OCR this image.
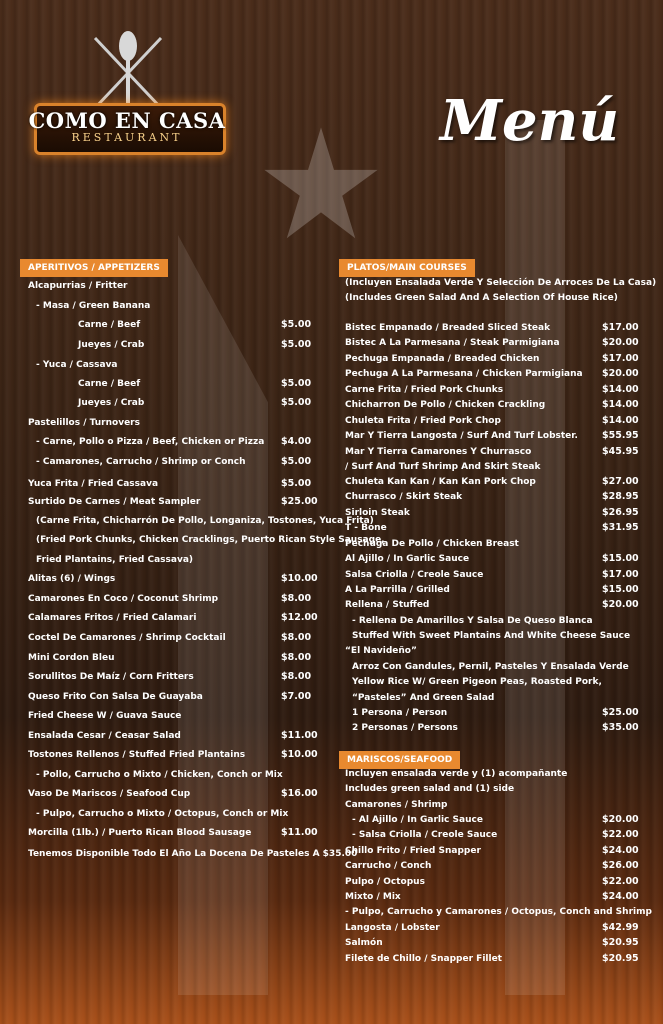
COMO EN CASA
RESTAURANT	Menú
APERITIVOS / APPETIZERS	PLATOS/MAIN COURSES
MARISCOS/SEAFOOD
Alcapurrias / Fritter
- Masa / Green Banana
Carne / Beef	$5.00
Jueyes / Crab	$5.00
- Yuca / Cassava
Carne / Beef	$5.00
Jueyes / Crab	$5.00
Pastelillos / Turnovers
- Carne, Pollo o Pizza / Beef, Chicken or Pizza $4.00
- Camarones, Carrucho / Shrimp or Conch	$5.00
Yuca Frita / Fried Cassava	$5.00
Surtido De Carnes / Meat Sampler	$25.00
(Carne Frita, Chicharrón De Pollo, Longaniza, Tostones, Yuca Frita)
(Fried Pork Chunks, Chicken Cracklings, Puerto Rican Style Sausage,
Fried Plantains, Fried Cassava)
Alitas (6) / Wings	$10.00
Camarones En Coco / Coconut Shrimp	$8.00
Calamares Fritos / Fried Calamari	$12.00
Coctel De Camarones / Shrimp Cocktail	$8.00
Mini Cordon Bleu	$8.00
Sorullitos De Maíz / Corn Fritters	$8.00
Queso Frito Con Salsa De Guayaba	$7.00
Fried Cheese W / Guava Sauce
Ensalada Cesar / Ceasar Salad	$11.00
Tostones Rellenos / Stuffed Fried Plantains	$10.00
- Pollo, Carrucho o Mixto / Chicken, Conch or Mix
Vaso De Mariscos / Seafood Cup	$16.00
- Pulpo, Carrucho o Mixto / Octopus, Conch or Mix
Morcilla (1lb.) / Puerto Rican Blood Sausage	$11.00
Tenemos Disponible Todo El Año La Docena De Pasteles A $35.00
(Incluyen Ensalada Verde Y Selección De Arroces De La Casa)
(Includes Green Salad And A Selection Of House Rice)
Bistec Empanado / Breaded Sliced Steak	$17.00
Bistec A La Parmesana / Steak Parmigiana	$20.00
Pechuga Empanada / Breaded Chicken	$17.00
Pechuga A La Parmesana / Chicken Parmigiana $20.00
Carne Frita / Fried Pork Chunks	$14.00
Chicharron De Pollo / Chicken Crackling	$14.00
Chuleta Frita / Fried Pork Chop	$14.00
Mar Y Tierra Langosta / Surf And Turf Lobster.	$55.95
Mar Y Tierra Camarones Y Churrasco	$45.95
/ Surf And Turf Shrimp And Skirt Steak
Chuleta Kan Kan / Kan Kan Pork Chop	$27.00
Churrasco / Skirt Steak	$28.95
Sirloin Steak	$26.95
T - Bone	$31.95
Pechuga De Pollo / Chicken Breast
Al Ajillo / In Garlic Sauce	$15.00
Salsa Criolla / Creole Sauce	$17.00
A La Parrilla / Grilled	$15.00
Rellena / Stuffed	$20.00
- Rellena De Amarillos Y Salsa De Queso Blanca
Stuffed With Sweet Plantains And White Cheese Sauce
“El Navideño”
Arroz Con Gandules, Pernil, Pasteles Y Ensalada Verde
Yellow Rice W/ Green Pigeon Peas, Roasted Pork,
“Pasteles” And Green Salad
1 Persona / Person	$25.00
2 Personas / Persons	$35.00
Incluyen ensalada verde y (1) acompañante
Includes green salad and (1) side
Camarones / Shrimp
- Al Ajillo / In Garlic Sauce	$20.00
- Salsa Criolla / Creole Sauce	$22.00
Chillo Frito / Fried Snapper	$24.00
Carrucho / Conch	$26.00
Pulpo / Octopus	$22.00
Mixto / Mix	$24.00
- Pulpo, Carrucho y Camarones / Octopus, Conch and Shrimp
Langosta / Lobster	$42.99
Salmón	$20.95
Filete de Chillo / Snapper Fillet	$20.95
